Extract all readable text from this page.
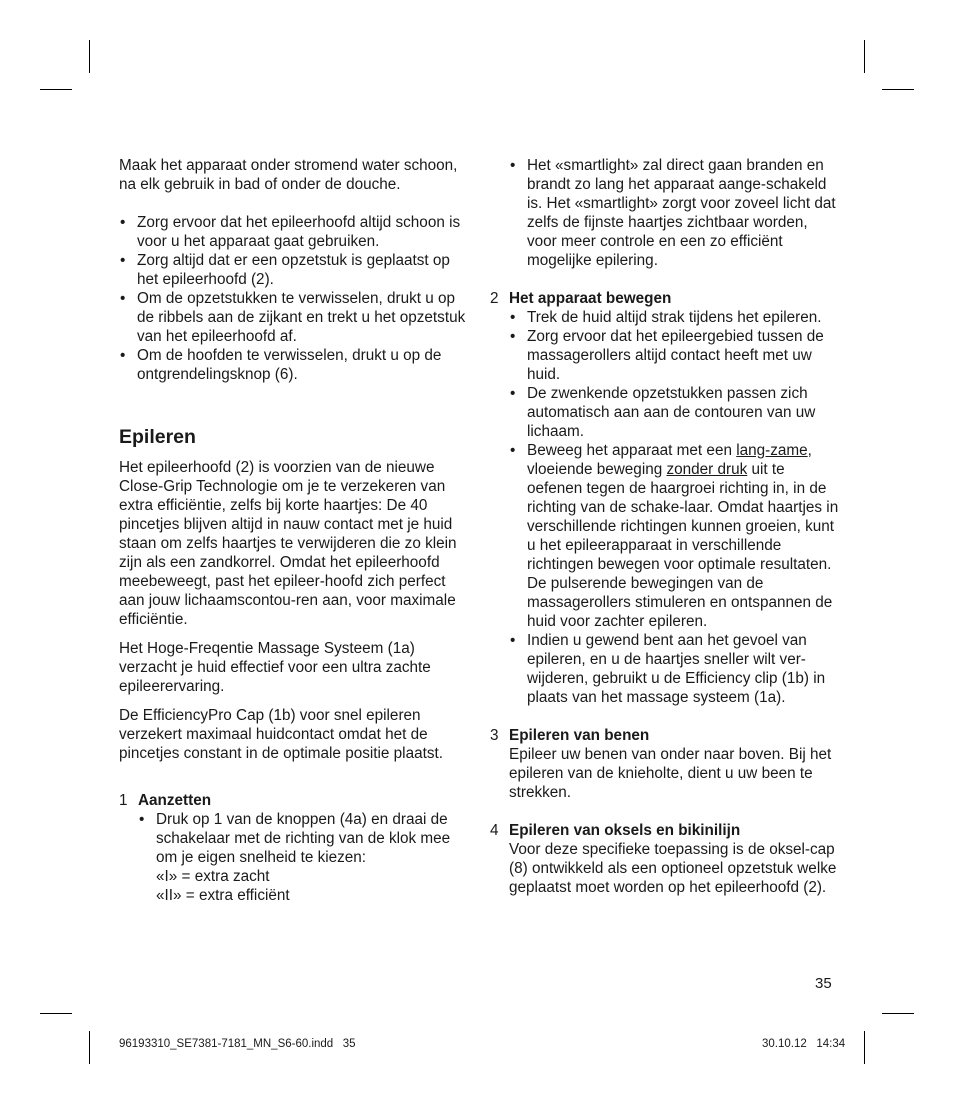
Maak het apparaat onder stromend water schoon, na elk gebruik in bad of onder de douche.

• Zorg ervoor dat het epileerhoofd altijd schoon is voor u het apparaat gaat gebruiken.
• Zorg altijd dat er een opzetstuk is geplaatst op het epileerhoofd (2).
• Om de opzetstukken te verwisselen, drukt u op de ribbels aan de zijkant en trekt u het opzetstuk van het epileerhoofd af.
• Om de hoofden te verwisselen, drukt u op de ontgrendelingsknop (6).
Epileren

Het epileerhoofd (2) is voorzien van de nieuwe Close-Grip Technologie om je te verzekeren van extra efficiëntie, zelfs bij korte haartjes: De 40 pincetjes blijven altijd in nauw contact met je huid staan om zelfs haartjes te verwijderen die zo klein zijn als een zandkorrel. Omdat het epileerhoofd meebeweegt, past het epileer-hoofd zich perfect aan jouw lichaamscontou-ren aan, voor maximale efficiëntie.

Het Hoge-Freqentie Massage Systeem (1a) verzacht je huid effectief voor een ultra zachte epileerervaring.

De EfficiencyPro Cap (1b) voor snel epileren verzekert maximaal huidcontact omdat het de pincetjes constant in de optimale positie plaatst.

1 Aanzetten
• Druk op 1 van de knoppen (4a) en draai de schakelaar met de richting van de klok mee om je eigen snelheid te kiezen:
«I» = extra zacht
«II» = extra efficiënt
• Het «smartlight» zal direct gaan branden en brandt zo lang het apparaat aange-schakeld is. Het «smartlight» zorgt voor zoveel licht dat zelfs de fijnste haartjes zichtbaar worden, voor meer controle en een zo efficiënt mogelijke epilering.
2 Het apparaat bewegen
• Trek de huid altijd strak tijdens het epileren.
• Zorg ervoor dat het epileergebied tussen de massagerollers altijd contact heeft met uw huid.
• De zwenkende opzetstukken passen zich automatisch aan aan de contouren van uw lichaam.
• Beweeg het apparaat met een lang-zame, vloeiende beweging zonder druk uit te oefenen tegen de haargroei richting in, in de richting van de schake-laar. Omdat haartjes in verschillende richtingen kunnen groeien, kunt u het epileerapparaat in verschillende richtingen bewegen voor optimale resultaten. De pulserende bewegingen van de massagerollers stimuleren en ontspannen de huid voor zachter epileren.
• Indien u gewend bent aan het gevoel van epileren, en u de haartjes sneller wilt ver-wijderen, gebruikt u de Efficiency clip (1b) in plaats van het massage systeem (1a).
3 Epileren van benen

Epileer uw benen van onder naar boven. Bij het epileren van de knieholte, dient u uw been te strekken.

4 Epileren van oksels en bikinilijn

Voor deze specifieke toepassing is de oksel-cap (8) ontwikkeld als een optioneel opzetstuk welke geplaatst moet worden op het epileerhoofd (2).

35
96193310_SE7381-7181_MN_S6-60.indd   35	30.10.12   14:34
